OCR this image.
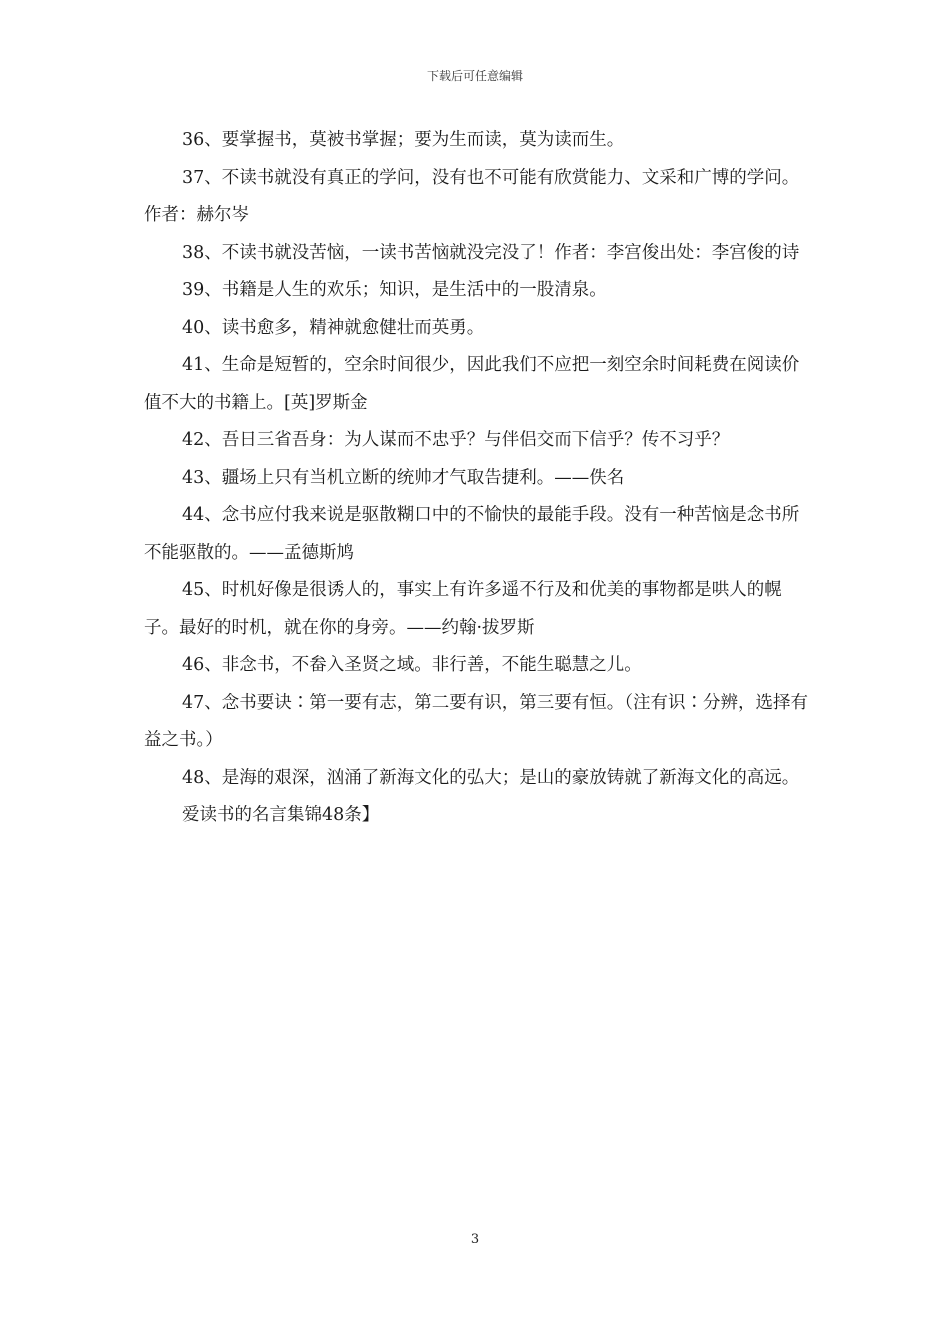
下载后可任意编辑

36、要掌握书，莫被书掌握；要为生而读，莫为读而生。

37、不读书就没有真正的学问，没有也不可能有欣赏能力、文采和广博的学问。作者：赫尔岑

38、不读书就没苦恼，一读书苦恼就没完没了！作者：李宫俊出处：李宫俊的诗

39、书籍是人生的欢乐；知识，是生活中的一股清泉。

40、读书愈多，精神就愈健壮而英勇。

41、生命是短暂的，空余时间很少，因此我们不应把一刻空余时间耗费在阅读价值不大的书籍上。[英]罗斯金

42、吾日三省吾身：为人谋而不忠乎？与伴侣交而下信乎？传不习乎？

43、疆场上只有当机立断的统帅才气取告捷利。——佚名

44、念书应付我来说是驱散糊口中的不愉快的最能手段。没有一种苦恼是念书所不能驱散的。——孟德斯鸠

45、时机好像是很诱人的，事实上有许多遥不行及和优美的事物都是哄人的幌子。最好的时机，就在你的身旁。——约翰·拔罗斯

46、非念书，不畚入圣贤之域。非行善，不能生聪慧之儿。

47、念书要诀∶第一要有志，第二要有识，第三要有恒。（注有识∶分辨，选择有益之书。）

48、是海的艰深，汹涌了新海文化的弘大；是山的豪放铸就了新海文化的高远。

爱读书的名言集锦48条】

3
